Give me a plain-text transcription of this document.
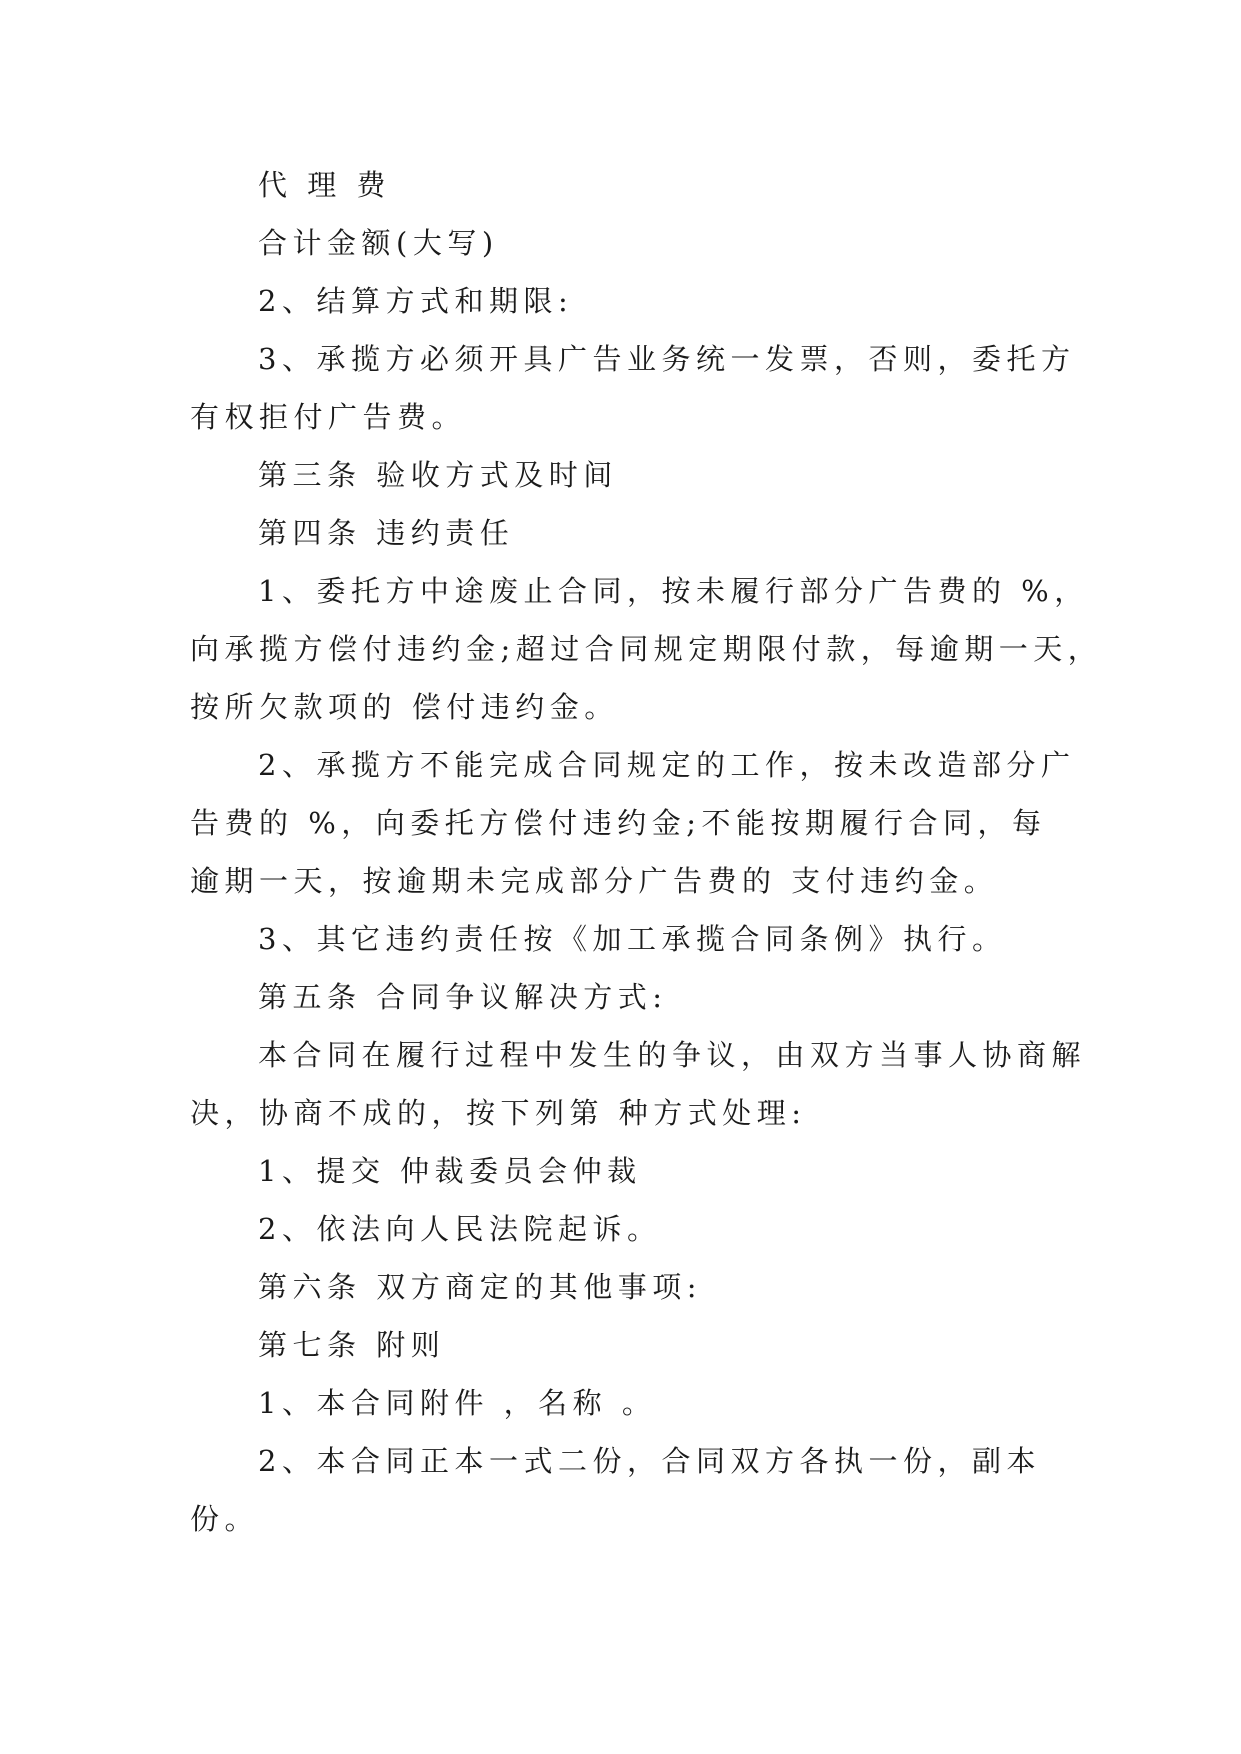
代 理 费

合计金额(大写)

2、结算方式和期限:

3、承揽方必须开具广告业务统一发票，否则，委托方

有权拒付广告费。

第三条 验收方式及时间

第四条 违约责任

1、委托方中途废止合同，按未履行部分广告费的 %，

向承揽方偿付违约金;超过合同规定期限付款，每逾期一天，

按所欠款项的 偿付违约金。

2、承揽方不能完成合同规定的工作，按未改造部分广

告费的 %，向委托方偿付违约金;不能按期履行合同，每

逾期一天，按逾期未完成部分广告费的 支付违约金。

3、其它违约责任按《加工承揽合同条例》执行。

第五条 合同争议解决方式:

本合同在履行过程中发生的争议，由双方当事人协商解

决，协商不成的，按下列第 种方式处理:

1、提交 仲裁委员会仲裁

2、依法向人民法院起诉。

第六条 双方商定的其他事项:

第七条 附则

1、本合同附件 ，名称 。

2、本合同正本一式二份，合同双方各执一份，副本

份。
